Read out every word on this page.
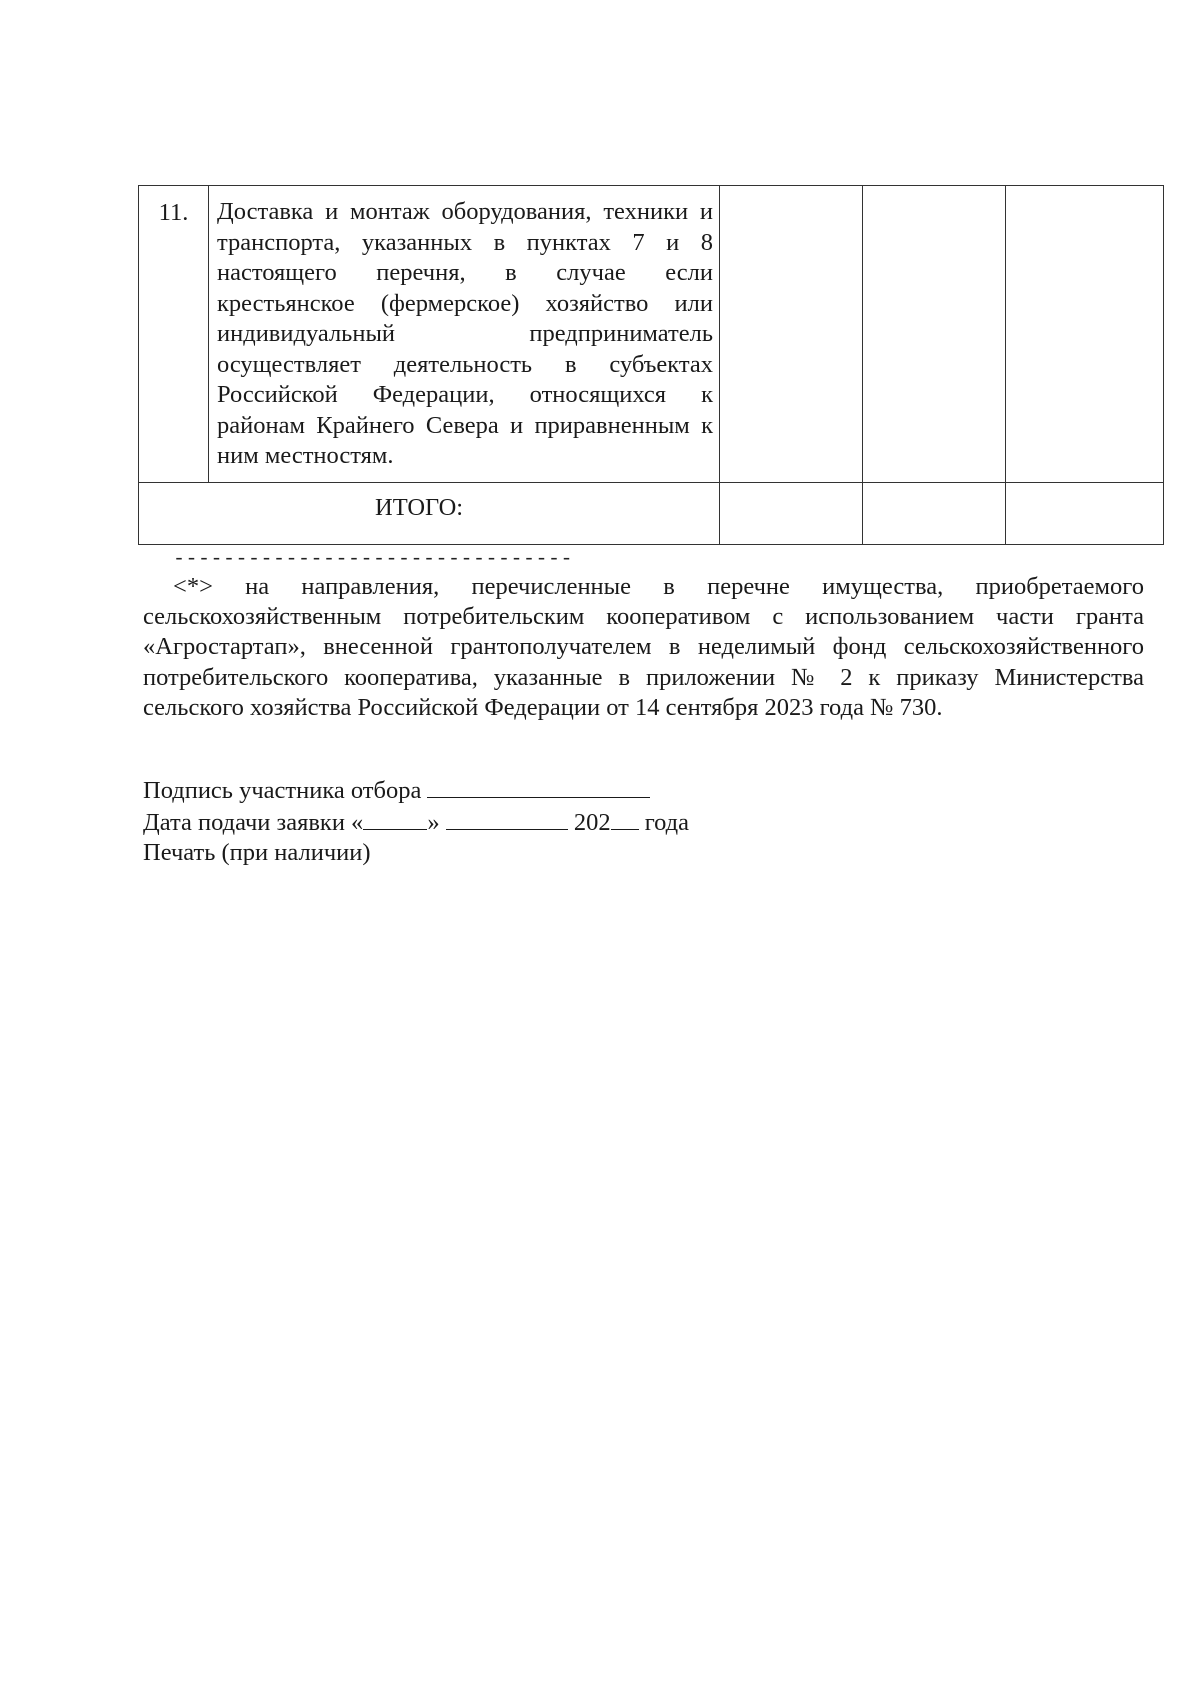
11.	Доставка и монтаж оборудования, техники и транспорта, указанных в пунктах 7 и 8 настоящего перечня, в случае если крестьянское (фермерское) хозяйство или индивидуальный предприниматель осуществляет деятельность в субъектах Российской Федерации, относящихся к районам Крайнего Севера и приравненным к ним местностям.			
ИТОГО:				
--------------------------------

<*> на направления, перечисленные в перечне имущества, приобретаемого сельскохозяйственным потребительским кооперативом с использованием части гранта «Агростартап», внесенной грантополучателем в неделимый фонд сельскохозяйственного потребительского кооператива, указанные в приложении № 2 к приказу Министерства сельского хозяйства Российской Федерации от 14 сентября 2023 года № 730.

Подпись участника отбора
Дата подачи заявки «	»	202 года
Печать (при наличии)
